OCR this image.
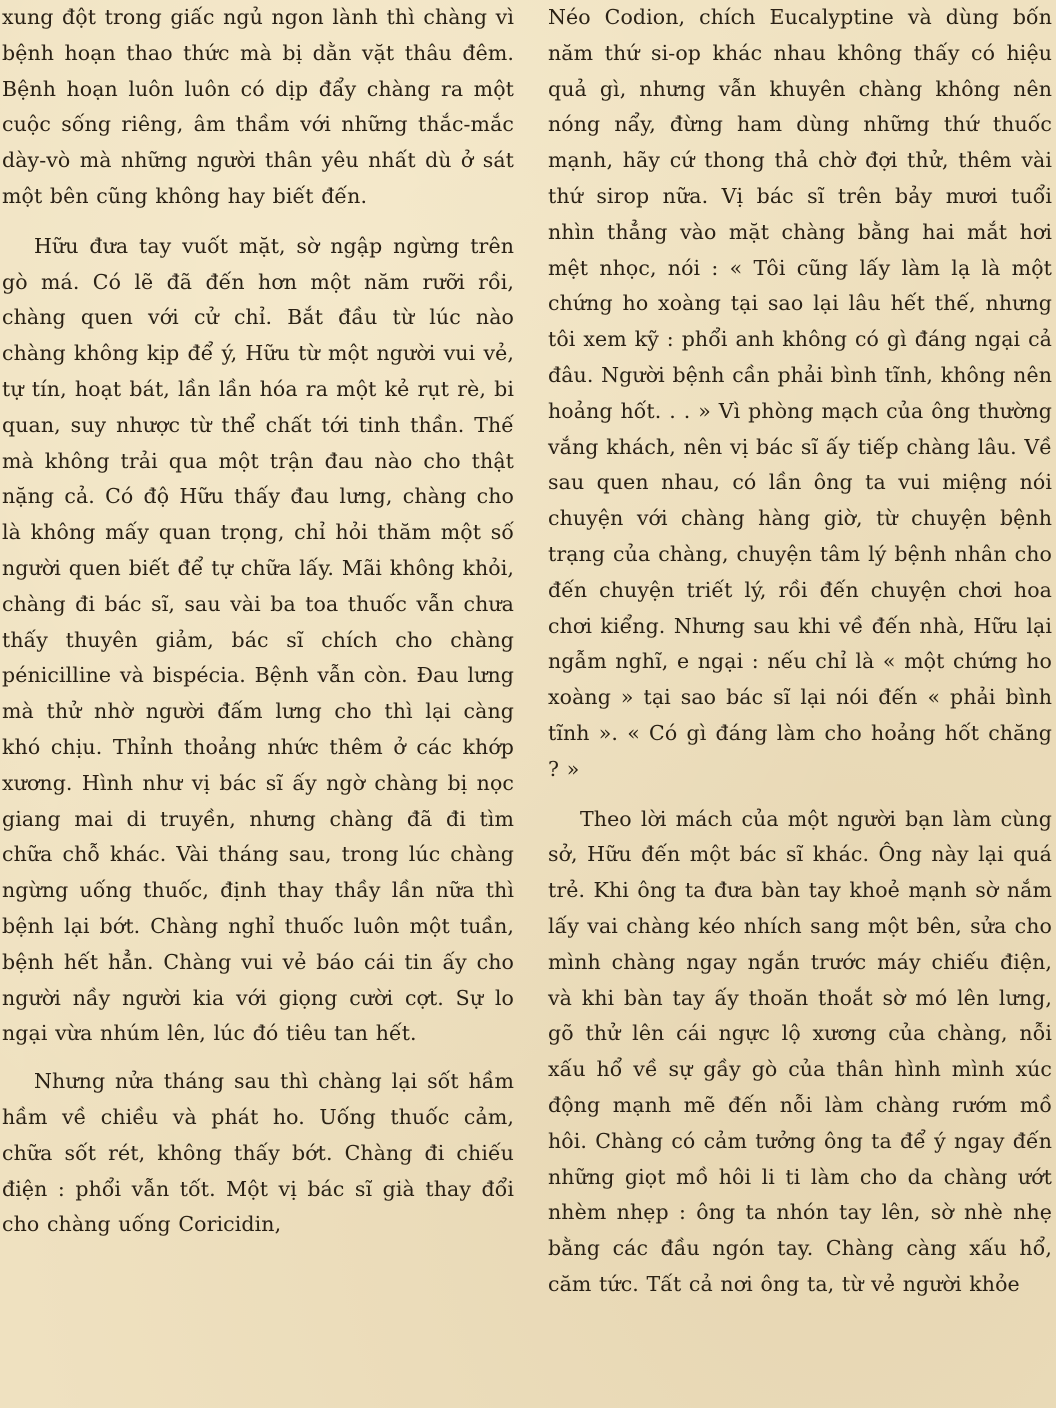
xung đột trong giấc ngủ ngon lành thì chàng vì bệnh hoạn thao thức mà bị dằn vặt thâu đêm. Bệnh hoạn luôn luôn có dịp đẩy chàng ra một cuộc sống riêng, âm thầm với những thắc-mắc dày-vò mà những người thân yêu nhất dù ở sát một bên cũng không hay biết đến.

Hữu đưa tay vuốt mặt, sờ ngập ngừng trên gò má. Có lẽ đã đến hơn một năm rưỡi rồi, chàng quen với cử chỉ. Bắt đầu từ lúc nào chàng không kịp để ý, Hữu từ một người vui vẻ, tự tín, hoạt bát, lần lần hóa ra một kẻ rụt rè, bi quan, suy nhược từ thể chất tới tinh thần. Thế mà không trải qua một trận đau nào cho thật nặng cả. Có độ Hữu thấy đau lưng, chàng cho là không mấy quan trọng, chỉ hỏi thăm một số người quen biết để tự chữa lấy. Mãi không khỏi, chàng đi bác sĩ, sau vài ba toa thuốc vẫn chưa thấy thuyên giảm, bác sĩ chích cho chàng pénicilline và bispécia. Bệnh vẫn còn. Đau lưng mà thử nhờ người đấm lưng cho thì lại càng khó chịu. Thỉnh thoảng nhức thêm ở các khớp xương. Hình như vị bác sĩ ấy ngờ chàng bị nọc giang mai di truyền, nhưng chàng đã đi tìm chữa chỗ khác. Vài tháng sau, trong lúc chàng ngừng uống thuốc, định thay thầy lần nữa thì bệnh lại bớt. Chàng nghỉ thuốc luôn một tuần, bệnh hết hẳn. Chàng vui vẻ báo cái tin ấy cho người nầy người kia với giọng cười cợt. Sự lo ngại vừa nhúm lên, lúc đó tiêu tan hết.

Nhưng nửa tháng sau thì chàng lại sốt hầm hầm về chiều và phát ho. Uống thuốc cảm, chữa sốt rét, không thấy bớt. Chàng đi chiếu điện : phổi vẫn tốt. Một vị bác sĩ già thay đổi cho chàng uống Coricidin,

Néo Codion, chích Eucalyptine và dùng bốn năm thứ si-op khác nhau không thấy có hiệu quả gì, nhưng vẫn khuyên chàng không nên nóng nẩy, đừng ham dùng những thứ thuốc mạnh, hãy cứ thong thả chờ đợi thử, thêm vài thứ sirop nữa. Vị bác sĩ trên bảy mươi tuổi nhìn thẳng vào mặt chàng bằng hai mắt hơi mệt nhọc, nói : « Tôi cũng lấy làm lạ là một chứng ho xoàng tại sao lại lâu hết thế, nhưng tôi xem kỹ : phổi anh không có gì đáng ngại cả đâu. Người bệnh cần phải bình tĩnh, không nên hoảng hốt. . . » Vì phòng mạch của ông thường vắng khách, nên vị bác sĩ ấy tiếp chàng lâu. Về sau quen nhau, có lần ông ta vui miệng nói chuyện với chàng hàng giờ, từ chuyện bệnh trạng của chàng, chuyện tâm lý bệnh nhân cho đến chuyện triết lý, rồi đến chuyện chơi hoa chơi kiểng. Nhưng sau khi về đến nhà, Hữu lại ngẫm nghĩ, e ngại : nếu chỉ là « một chứng ho xoàng » tại sao bác sĩ lại nói đến « phải bình tĩnh ». « Có gì đáng làm cho hoảng hốt chăng ? »

Theo lời mách của một người bạn làm cùng sở, Hữu đến một bác sĩ khác. Ông này lại quá trẻ. Khi ông ta đưa bàn tay khoẻ mạnh sờ nắm lấy vai chàng kéo nhích sang một bên, sửa cho mình chàng ngay ngắn trước máy chiếu điện, và khi bàn tay ấy thoăn thoắt sờ mó lên lưng, gõ thử lên cái ngực lộ xương của chàng, nỗi xấu hổ về sự gầy gò của thân hình mình xúc động mạnh mẽ đến nỗi làm chàng rướm mồ hôi. Chàng có cảm tưởng ông ta để ý ngay đến những giọt mồ hôi li ti làm cho da chàng ướt nhèm nhẹp : ông ta nhón tay lên, sờ nhè nhẹ bằng các đầu ngón tay. Chàng càng xấu hổ, căm tức. Tất cả nơi ông ta, từ vẻ người khỏe
